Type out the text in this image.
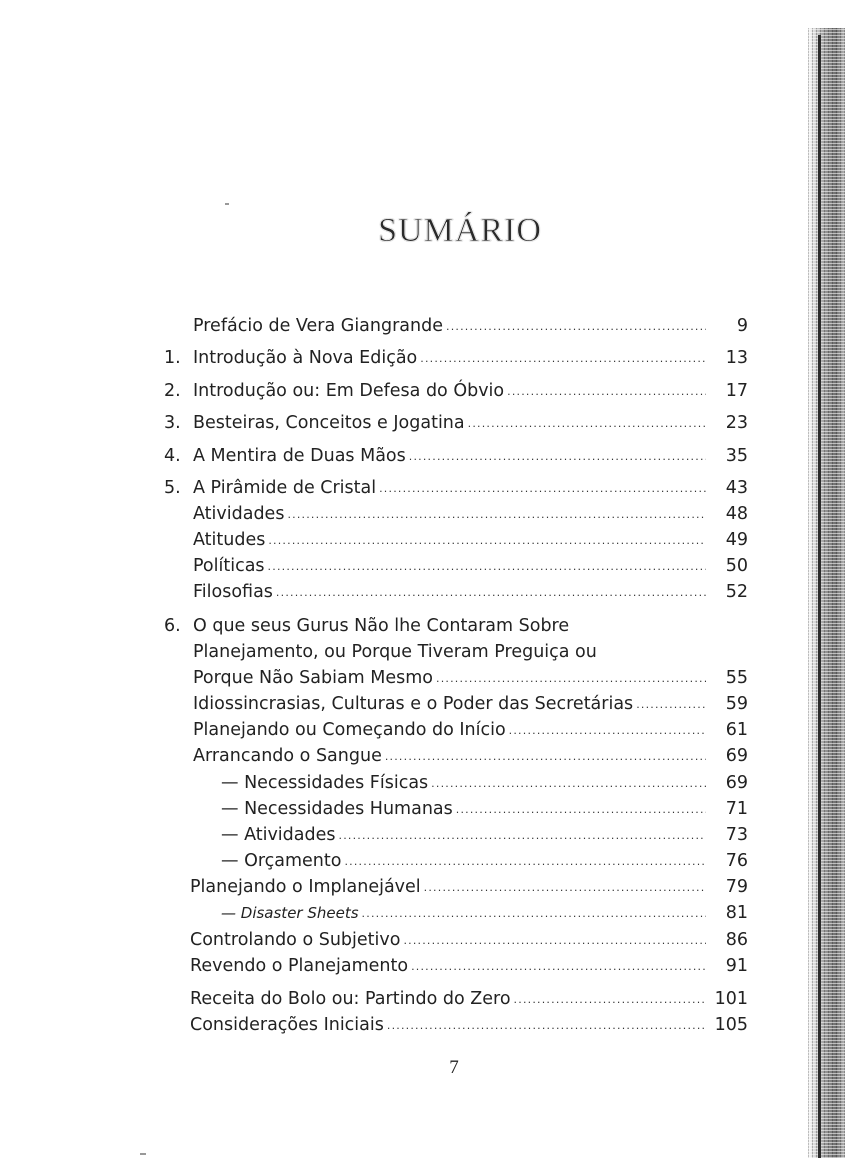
SUMÁRIO
Prefácio de Vera Giangrande .....	9
1. Introdução à Nova Edição .....	13
2. Introdução ou: Em Defesa do Óbvio .....	17
3. Besteiras, Conceitos e Jogatina .....	23
4. A Mentira de Duas Mãos .....	35
5. A Pirâmide de Cristal .....	43
Atividades .....	48
Atitudes .....	49
Políticas .....	50
Filosofias .....	52
6. O que seus Gurus Não lhe Contaram Sobre
Planejamento, ou Porque Tiveram Preguiça ou
Porque Não Sabiam Mesmo .....	55
Idiossincrasias, Culturas e o Poder das Secretárias .....	59
Planejando ou Começando do Início .....	61
Arrancando o Sangue .....	69
— Necessidades Físicas .....	69
— Necessidades Humanas .....	71
— Atividades .....	73
— Orçamento .....	76
Planejando o Implanejável .....	79
— Disaster Sheets .....	81
Controlando o Subjetivo .....	86
Revendo o Planejamento .....	91
Receita do Bolo ou: Partindo do Zero .....	101
Considerações Iniciais .....	105
7
